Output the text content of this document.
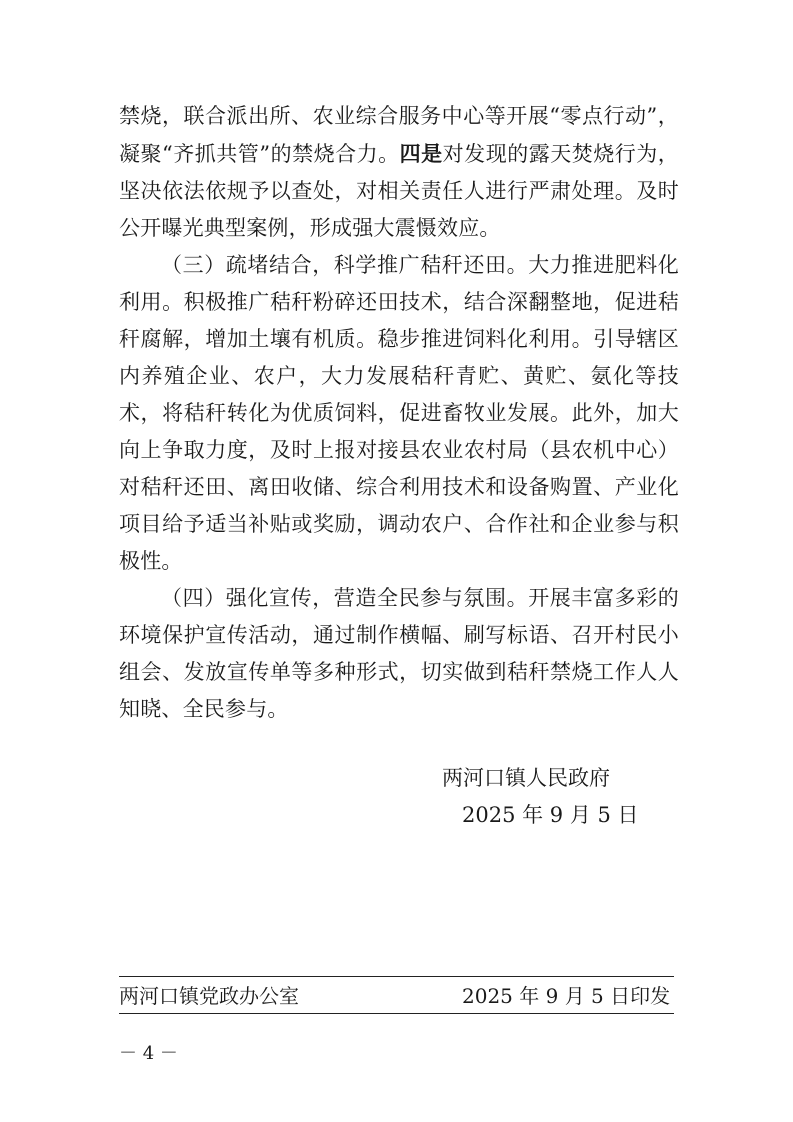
禁烧，联合派出所、农业综合服务中心等开展“零点行动”，凝聚“齐抓共管”的禁烧合力。四是对发现的露天焚烧行为，坚决依法依规予以查处，对相关责任人进行严肃处理。及时公开曝光典型案例，形成强大震慑效应。

（三）疏堵结合，科学推广秸秆还田。大力推进肥料化利用。积极推广秸秆粉碎还田技术，结合深翻整地，促进秸秆腐解，增加土壤有机质。稳步推进饲料化利用。引导辖区内养殖企业、农户，大力发展秸秆青贮、黄贮、氨化等技术，将秸秆转化为优质饲料，促进畜牧业发展。此外，加大向上争取力度，及时上报对接县农业农村局（县农机中心）对秸秆还田、离田收储、综合利用技术和设备购置、产业化项目给予适当补贴或奖励，调动农户、合作社和企业参与积极性。

（四）强化宣传，营造全民参与氛围。开展丰富多彩的环境保护宣传活动，通过制作横幅、刷写标语、召开村民小组会、发放宣传单等多种形式，切实做到秸秆禁烧工作人人知晓、全民参与。

两河口镇人民政府
2025 年 9 月 5 日
两河口镇党政办公室	2025 年 9 月 5 日印发
－ 4 －
